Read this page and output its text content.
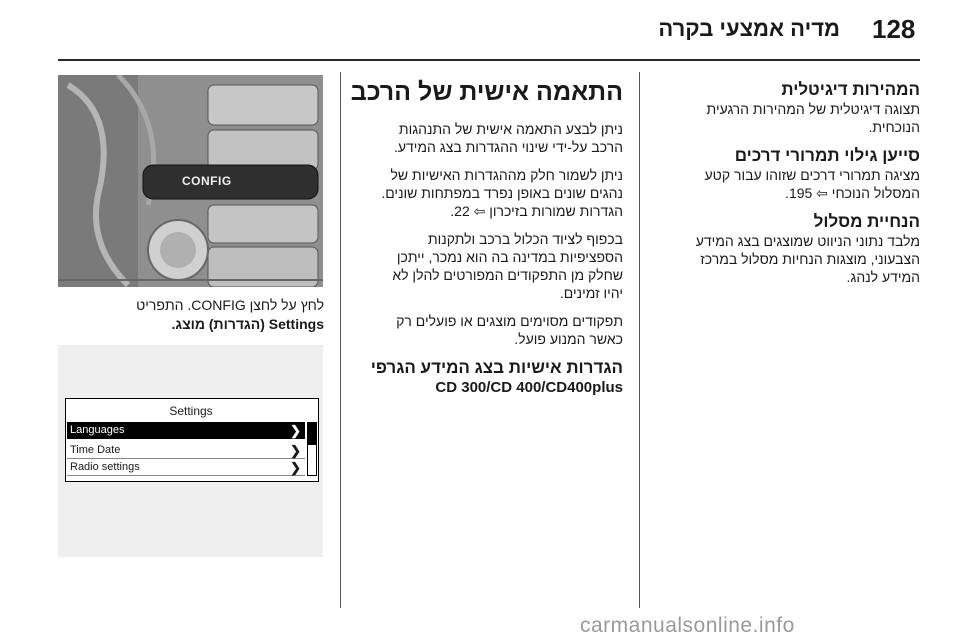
128
מדיה אמצעי בקרה
המהירות דיגיטלית
תצוגה דיגיטלית של המהירות הרגעית
הנוכחית.
סייען גילוי תמרורי דרכים
מציגה תמרורי דרכים שזוהו עבור קטע
המסלול הנוכחי ⇦ 195.
הנחיית מסלול
מלבד נתוני הניווט שמוצגים בצג המידע
הצבעוני, מוצגות הנחיות מסלול במרכז
המידע לנהג.
התאמה אישית של הרכב
ניתן לבצע התאמה אישית של התנהגות
הרכב על-ידי שינוי ההגדרות בצג המידע.
ניתן לשמור חלק מההגדרות האישיות של
נהגים שונים באופן נפרד במפתחות שונים.
הגדרות שמורות בזיכרון ⇦ 22.
בכפוף לציוד הכלול ברכב ולתקנות
הספציפיות במדינה בה הוא נמכר, ייתכן
שחלק מן התפקודים המפורטים להלן לא
יהיו זמינים.
תפקודים מסוימים מוצגים או פועלים רק
כאשר המנוע פועל.
הגדרות אישיות בצג המידע הגרפי
CD 300/CD 400/CD400plus
CONFIG
לחץ על לחצן CONFIG. התפריט
Settings (הגדרות) מוצג.
Settings
Languages	❯
Time Date	❯
Radio settings	❯
carmanualsonline.info
